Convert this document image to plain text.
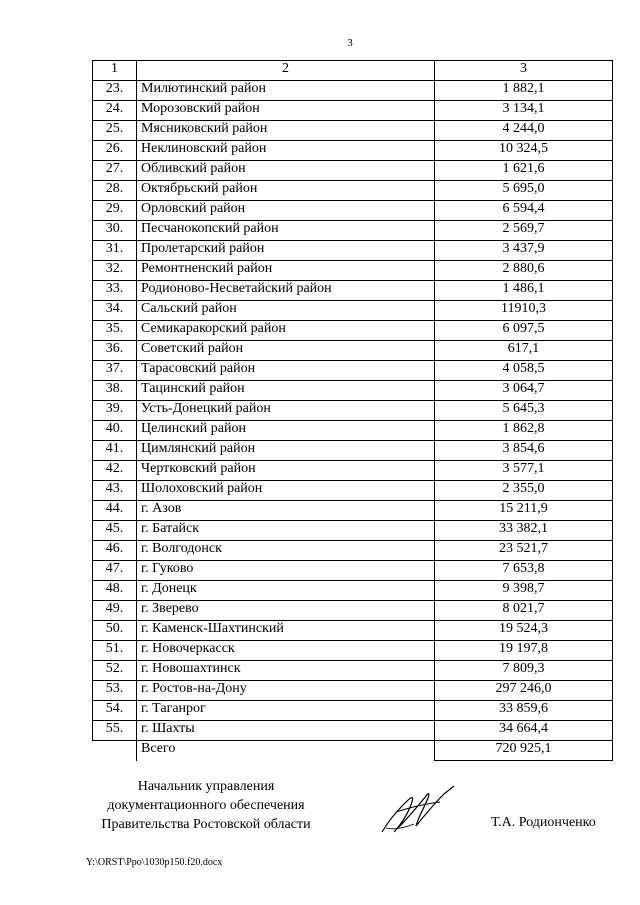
3
1	2	3
23.	Милютинский район	1 882,1
24.	Морозовский район	3 134,1
25.	Мясниковский район	4 244,0
26.	Неклиновский район	10 324,5
27.	Обливский район	1 621,6
28.	Октябрьский район	5 695,0
29.	Орловский район	6 594,4
30.	Песчанокопский район	2 569,7
31.	Пролетарский район	3 437,9
32.	Ремонтненский район	2 880,6
33.	Родионово-Несветайский район	1 486,1
34.	Сальский район	11910,3
35.	Семикаракорский район	6 097,5
36.	Советский район	617,1
37.	Тарасовский район	4 058,5
38.	Тацинский район	3 064,7
39.	Усть-Донецкий район	5 645,3
40.	Целинский район	1 862,8
41.	Цимлянский район	3 854,6
42.	Чертковский район	3 577,1
43.	Шолоховский район	2 355,0
44.	г. Азов	15 211,9
45.	г. Батайск	33 382,1
46.	г. Волгодонск	23 521,7
47.	г. Гуково	7 653,8
48.	г. Донецк	9 398,7
49.	г. Зверево	8 021,7
50.	г. Каменск-Шахтинский	19 524,3
51.	г. Новочеркасск	19 197,8
52.	г. Новошахтинск	7 809,3
53.	г. Ростов-на-Дону	297 246,0
54.	г. Таганрог	33 859,6
55.	г. Шахты	34 664,4
	Всего	720 925,1
Начальник управления
документационного обеспечения
Правительства Ростовской области	Т.А. Родионченко
Y:\ORST\Ppo\1030p150.f20.docx
